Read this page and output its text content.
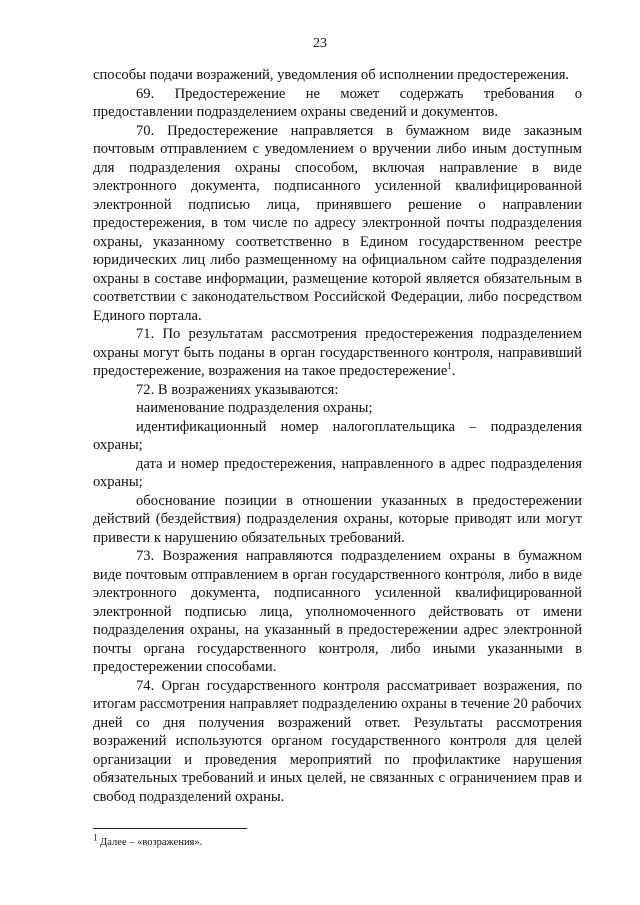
23

способы подачи возражений, уведомления об исполнении предостережения.

69. Предостережение не может содержать требования о предоставлении подразделением охраны сведений и документов.

70. Предостережение направляется в бумажном виде заказным почтовым отправлением с уведомлением о вручении либо иным доступным для подразделения охраны способом, включая направление в виде электронного документа, подписанного усиленной квалифицированной электронной подписью лица, принявшего решение о направлении предостережения, в том числе по адресу электронной почты подразделения охраны, указанному соответственно в Едином государственном реестре юридических лиц либо размещенному на официальном сайте подразделения охраны в составе информации, размещение которой является обязательным в соответствии с законодательством Российской Федерации, либо посредством Единого портала.

71. По результатам рассмотрения предостережения подразделением охраны могут быть поданы в орган государственного контроля, направивший предостережение, возражения на такое предостережение$^1$.

72. В возражениях указываются:

наименование подразделения охраны;

идентификационный номер налогоплательщика – подразделения охраны;

дата и номер предостережения, направленного в адрес подразделения охраны;

обоснование позиции в отношении указанных в предостережении действий (бездействия) подразделения охраны, которые приводят или могут привести к нарушению обязательных требований.

73. Возражения направляются подразделением охраны в бумажном виде почтовым отправлением в орган государственного контроля, либо в виде электронного документа, подписанного усиленной квалифицированной электронной подписью лица, уполномоченного действовать от имени подразделения охраны, на указанный в предостережении адрес электронной почты органа государственного контроля, либо иными указанными в предостережении способами.

74. Орган государственного контроля рассматривает возражения, по итогам рассмотрения направляет подразделению охраны в течение 20 рабочих дней со дня получения возражений ответ. Результаты рассмотрения возражений используются органом государственного контроля для целей организации и проведения мероприятий по профилактике нарушения обязательных требований и иных целей, не связанных с ограничением прав и свобод подразделений охраны.

$^1$ Далее – «возражения».
